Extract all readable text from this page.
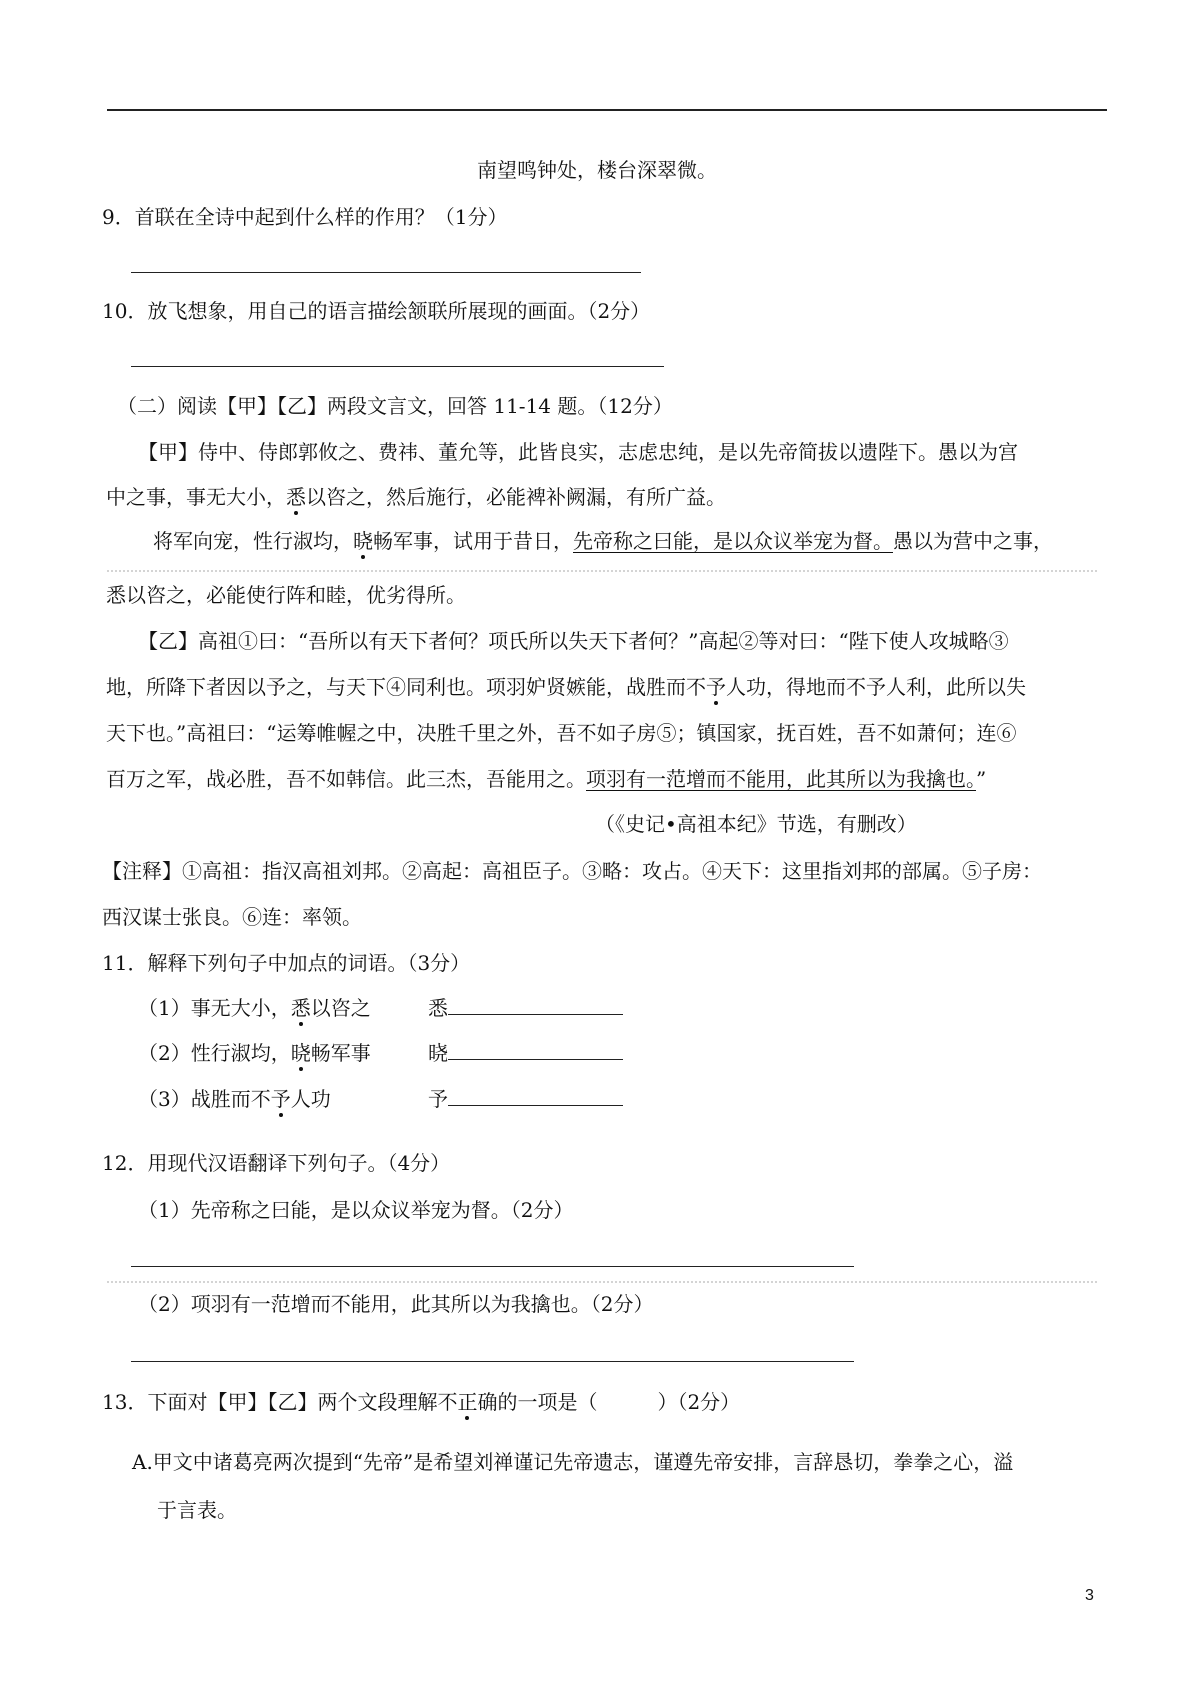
南望鸣钟处，楼台深翠微。
9．首联在全诗中起到什么样的作用？（1分）
10．放飞想象，用自己的语言描绘颔联所展现的画面。（2分）
（二）阅读【甲】【乙】两段文言文，回答 11-14 题。（12分）
【甲】侍中、侍郎郭攸之、费祎、董允等，此皆良实，志虑忠纯，是以先帝简拔以遗陛下。愚以为宫
中之事，事无大小，悉以咨之，然后施行，必能裨补阙漏，有所广益。
将军向宠，性行淑均，晓畅军事，试用于昔日，先帝称之曰能，是以众议举宠为督。愚以为营中之事，
悉以咨之，必能使行阵和睦，优劣得所。
【乙】高祖①曰：“吾所以有天下者何？项氏所以失天下者何？”高起②等对曰：“陛下使人攻城略③
地，所降下者因以予之，与天下④同利也。项羽妒贤嫉能，战胜而不予人功，得地而不予人利，此所以失
天下也。”高祖曰：“运筹帷幄之中，决胜千里之外，吾不如子房⑤；镇国家，抚百姓，吾不如萧何；连⑥
百万之军，战必胜，吾不如韩信。此三杰，吾能用之。项羽有一范增而不能用，此其所以为我擒也。”
（《史记•高祖本纪》节选，有删改）
【注释】①高祖：指汉高祖刘邦。②高起：高祖臣子。③略：攻占。④天下：这里指刘邦的部属。⑤子房：
西汉谋士张良。⑥连：率领。
11．解释下列句子中加点的词语。（3分）
（1）事无大小，悉以咨之	悉
（2）性行淑均，晓畅军事	晓
（3）战胜而不予人功	予
12．用现代汉语翻译下列句子。（4分）
（1）先帝称之曰能，是以众议举宠为督。（2分）
（2）项羽有一范增而不能用，此其所以为我擒也。（2分）
13．下面对【甲】【乙】两个文段理解不正确的一项是（　　　）（2分）
A.甲文中诸葛亮两次提到“先帝”是希望刘禅谨记先帝遗志，谨遵先帝安排，言辞恳切，拳拳之心，溢
于言表。
3
